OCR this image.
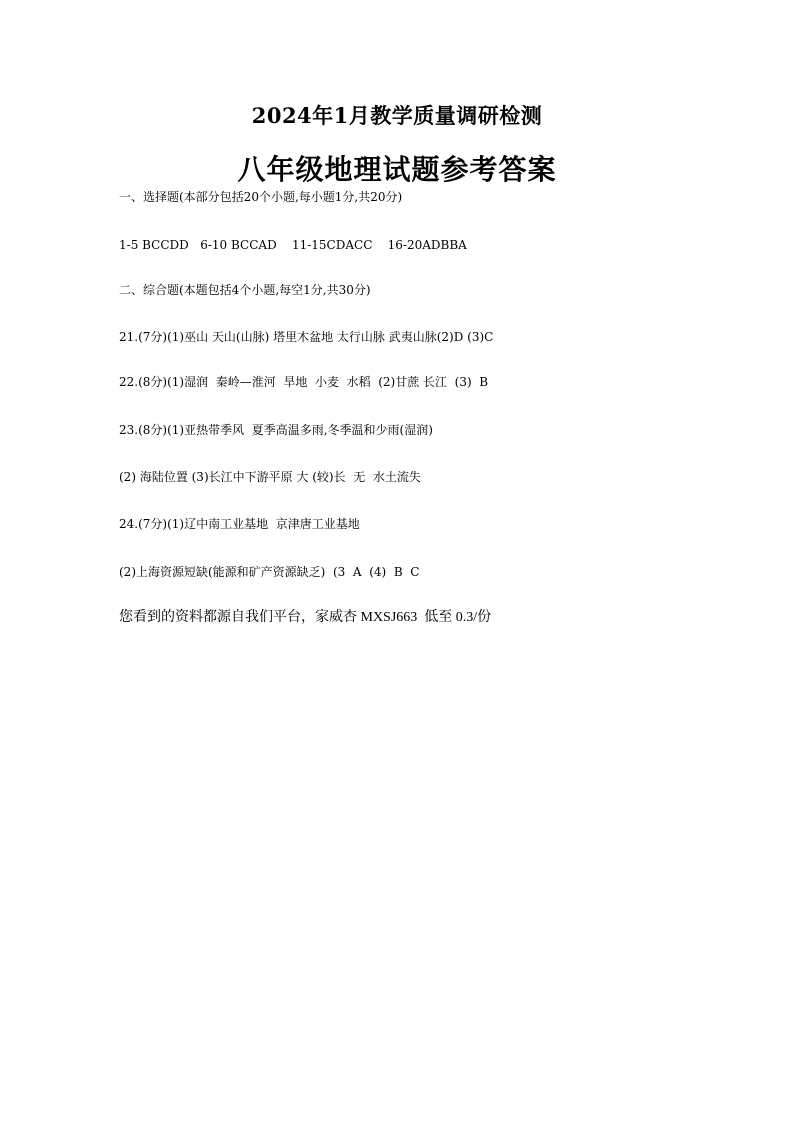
2024年1月教学质量调研检测
八年级地理试题参考答案
一、选择题(本部分包括20个小题,每小题1分,共20分)
1-5 BCCDD   6-10 BCCAD    11-15CDACC    16-20ADBBA
二、综合题(本题包括4个小题,每空1分,共30分)
21.(7分)(1)巫山 天山(山脉) 塔里木盆地 太行山脉 武夷山脉(2)D (3)C
22.(8分)(1)湿润  秦岭—淮河  旱地  小麦  水稻  (2)甘蔗 长江  (3)  B
23.(8分)(1)亚热带季风  夏季高温多雨,冬季温和少雨(湿润)
(2) 海陆位置 (3)长江中下游平原 大 (较)长  无  水土流失
24.(7分)(1)辽中南工业基地  京津唐工业基地
(2)上海资源短缺(能源和矿产资源缺乏)  (3  A  (4)  B  C
您看到的资料都源自我们平台，家威杏 MXSJ663  低至 0.3/份
